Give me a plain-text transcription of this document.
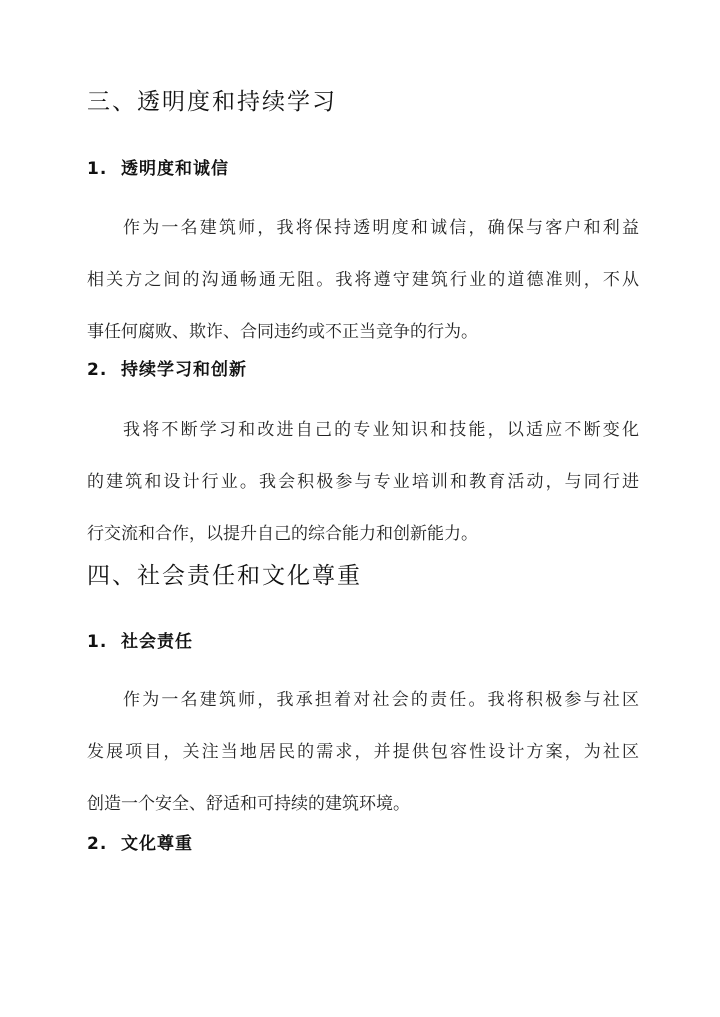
三、透明度和持续学习
1. 透明度和诚信
作为一名建筑师，我将保持透明度和诚信，确保与客户和利益
相关方之间的沟通畅通无阻。我将遵守建筑行业的道德准则，不从
事任何腐败、欺诈、合同违约或不正当竞争的行为。
2. 持续学习和创新
我将不断学习和改进自己的专业知识和技能，以适应不断变化
的建筑和设计行业。我会积极参与专业培训和教育活动，与同行进
行交流和合作，以提升自己的综合能力和创新能力。
四、社会责任和文化尊重
1. 社会责任
作为一名建筑师，我承担着对社会的责任。我将积极参与社区
发展项目，关注当地居民的需求，并提供包容性设计方案，为社区
创造一个安全、舒适和可持续的建筑环境。
2. 文化尊重
